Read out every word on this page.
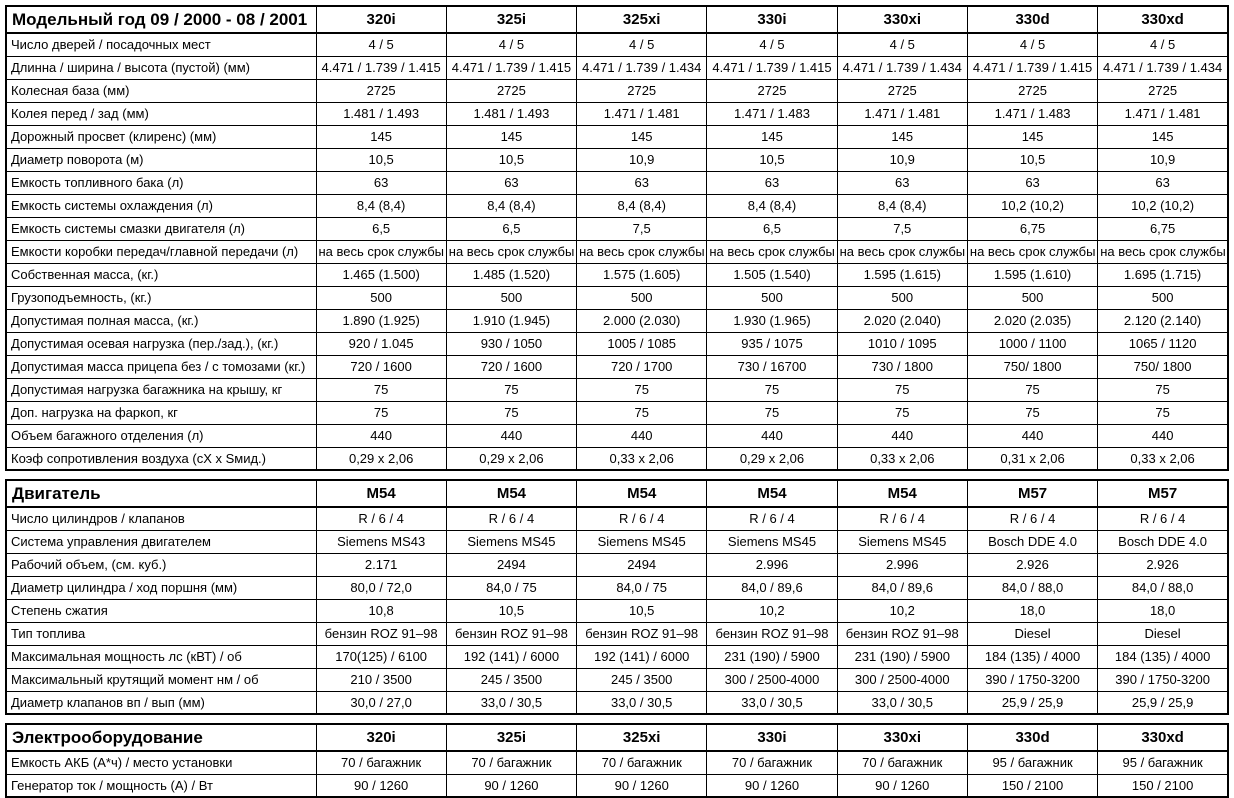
Модельный год 09 / 2000 - 08 / 2001	320i	325i	325xi	330i	330xi	330d	330xd
Число дверей / посадочных мест	4 / 5	4 / 5	4 / 5	4 / 5	4 / 5	4 / 5	4 / 5
Длинна / ширина / высота (пустой) (мм)	4.471 / 1.739 / 1.415	4.471 / 1.739 / 1.415	4.471 / 1.739 / 1.434	4.471 / 1.739 / 1.415	4.471 / 1.739 / 1.434	4.471 / 1.739 / 1.415	4.471 / 1.739 / 1.434
Колесная база (мм)	2725	2725	2725	2725	2725	2725	2725
Колея перед / зад (мм)	1.481 / 1.493	1.481 / 1.493	1.471 / 1.481	1.471 / 1.483	1.471 / 1.481	1.471 / 1.483	1.471 / 1.481
Дорожный просвет (клиренс) (мм)	145	145	145	145	145	145	145
Диаметр поворота (м)	10,5	10,5	10,9	10,5	10,9	10,5	10,9
Емкость топливного бака (л)	63	63	63	63	63	63	63
Емкость системы охлаждения (л)	8,4 (8,4)	8,4 (8,4)	8,4 (8,4)	8,4 (8,4)	8,4 (8,4)	10,2 (10,2)	10,2 (10,2)
Емкость системы смазки двигателя (л)	6,5	6,5	7,5	6,5	7,5	6,75	6,75
Емкости коробки передач/главной передачи (л)	на весь срок службы	на весь срок службы	на весь срок службы	на весь срок службы	на весь срок службы	на весь срок службы	на весь срок службы
Собственная масса, (кг.)	1.465 (1.500)	1.485 (1.520)	1.575 (1.605)	1.505 (1.540)	1.595 (1.615)	1.595 (1.610)	1.695 (1.715)
Грузоподъемность, (кг.)	500	500	500	500	500	500	500
Допустимая полная масса, (кг.)	1.890 (1.925)	1.910 (1.945)	2.000 (2.030)	1.930 (1.965)	2.020 (2.040)	2.020 (2.035)	2.120 (2.140)
Допустимая осевая нагрузка (пер./зад.), (кг.)	920 / 1.045	930 / 1050	1005 / 1085	935 / 1075	1010 / 1095	1000 / 1100	1065 / 1120
Допустимая масса прицепа без / с томозами (кг.)	720 / 1600	720 / 1600	720 / 1700	730 / 16700	730 / 1800	750/ 1800	750/ 1800
Допустимая нагрузка багажника на крышу, кг	75	75	75	75	75	75	75
Доп. нагрузка на фаркоп, кг	75	75	75	75	75	75	75
Объем багажного отделения (л)	440	440	440	440	440	440	440
Коэф сопротивления воздуха (сХ x Sмид.)	0,29 x 2,06	0,29 x 2,06	0,33 x 2,06	0,29 x 2,06	0,33 x 2,06	0,31 x 2,06	0,33 x 2,06
Двигатель	M54	M54	M54	M54	M54	M57	M57
Число цилиндров / клапанов	R / 6 / 4	R / 6 / 4	R / 6 / 4	R / 6 / 4	R / 6 / 4	R / 6 / 4	R / 6 / 4
Система управления двигателем	Siemens MS43	Siemens MS45	Siemens MS45	Siemens MS45	Siemens MS45	Bosch DDE 4.0	Bosch DDE 4.0
Рабочий объем, (см. куб.)	2.171	2494	2494	2.996	2.996	2.926	2.926
Диаметр цилиндра / ход поршня (мм)	80,0 / 72,0	84,0 / 75	84,0 / 75	84,0 / 89,6	84,0 / 89,6	84,0 / 88,0	84,0 / 88,0
Степень сжатия	10,8	10,5	10,5	10,2	10,2	18,0	18,0
Тип топлива	бензин ROZ 91–98	бензин ROZ 91–98	бензин ROZ 91–98	бензин ROZ 91–98	бензин ROZ 91–98	Diesel	Diesel
Максимальная мощность лс (кВТ) / об	170(125) / 6100	192 (141) / 6000	192 (141) / 6000	231 (190) / 5900	231 (190) / 5900	184 (135) / 4000	184 (135) / 4000
Максимальный крутящий момент нм / об	210 / 3500	245 / 3500	245 / 3500	300 / 2500-4000	300 / 2500-4000	390 / 1750-3200	390 / 1750-3200
Диаметр клапанов вп / вып (мм)	30,0 / 27,0	33,0 / 30,5	33,0 / 30,5	33,0 / 30,5	33,0 / 30,5	25,9 / 25,9	25,9 / 25,9
Электрооборудование	320i	325i	325xi	330i	330xi	330d	330xd
Емкость АКБ (А*ч) / место установки	70 / багажник	70 / багажник	70 / багажник	70 / багажник	70 / багажник	95 / багажник	95 / багажник
Генератор ток / мощность (А) / Вт	90 / 1260	90 / 1260	90 / 1260	90 / 1260	90 / 1260	150 / 2100	150 / 2100
